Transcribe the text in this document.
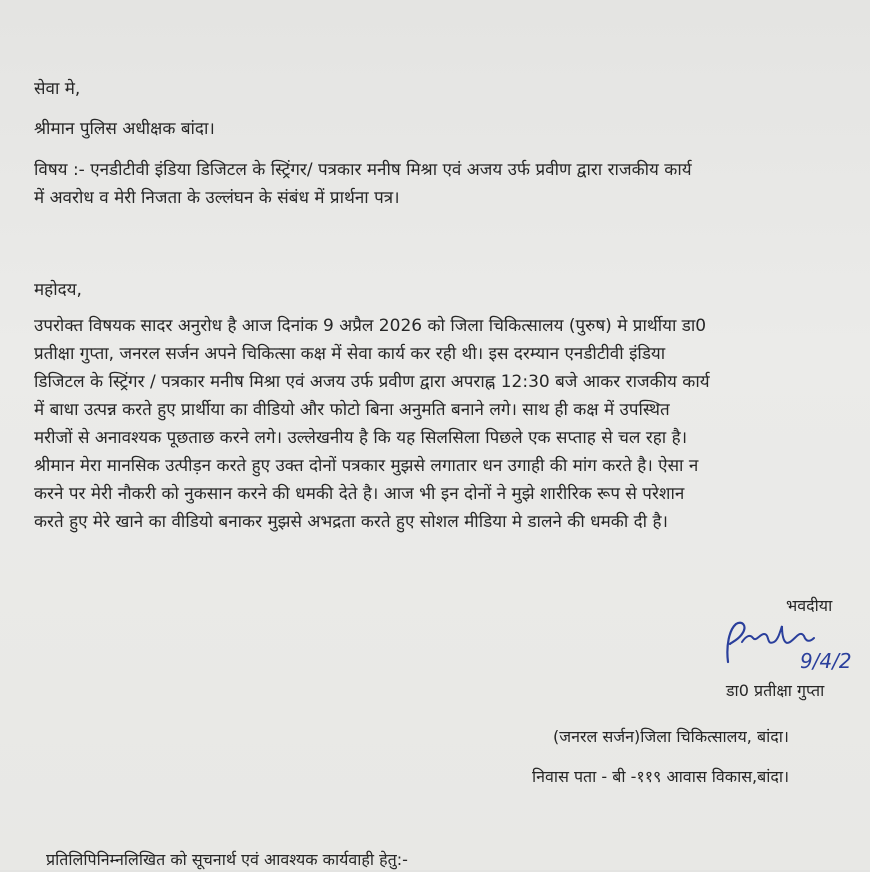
सेवा मे,
श्रीमान पुलिस अधीक्षक बांदा।
विषय :- एनडीटीवी इंडिया डिजिटल के स्ट्रिंगर/ पत्रकार मनीष मिश्रा एवं अजय उर्फ प्रवीण द्वारा राजकीय कार्य
में अवरोध व मेरी निजता के उल्लंघन के संबंध में प्रार्थना पत्र।
महोदय,
उपरोक्त विषयक सादर अनुरोध है आज दिनांक 9 अप्रैल 2026 को जिला चिकित्सालय (पुरुष) मे प्रार्थीया डा0
प्रतीक्षा गुप्ता, जनरल सर्जन अपने चिकित्सा कक्ष में सेवा कार्य कर रही थी। इस दरम्यान एनडीटीवी इंडिया
डिजिटल के स्ट्रिंगर / पत्रकार मनीष मिश्रा एवं अजय उर्फ प्रवीण द्वारा अपराह्न 12:30 बजे आकर राजकीय कार्य
में बाधा उत्पन्न करते हुए प्रार्थीया का वीडियो और फोटो बिना अनुमति बनाने लगे। साथ ही कक्ष में उपस्थित
मरीजों से अनावश्यक पूछताछ करने लगे। उल्लेखनीय है कि यह सिलसिला पिछले एक सप्ताह से चल रहा है।
श्रीमान मेरा मानसिक उत्पीड़न करते हुए उक्त दोनों पत्रकार मुझसे लगातार धन उगाही की मांग करते है। ऐसा न
करने पर मेरी नौकरी को नुकसान करने की धमकी देते है। आज भी इन दोनों ने मुझे शारीरिक रूप से परेशान
करते हुए मेरे खाने का वीडियो बनाकर मुझसे अभद्रता करते हुए सोशल मीडिया मे डालने की धमकी दी है।
भवदीया
9/4/2
डा0 प्रतीक्षा गुप्ता
(जनरल सर्जन)जिला चिकित्सालय, बांदा।
निवास पता - बी -११९ आवास विकास,बांदा।
प्रतिलिपिनिम्नलिखित को सूचनार्थ एवं आवश्यक कार्यवाही हेतु:-
